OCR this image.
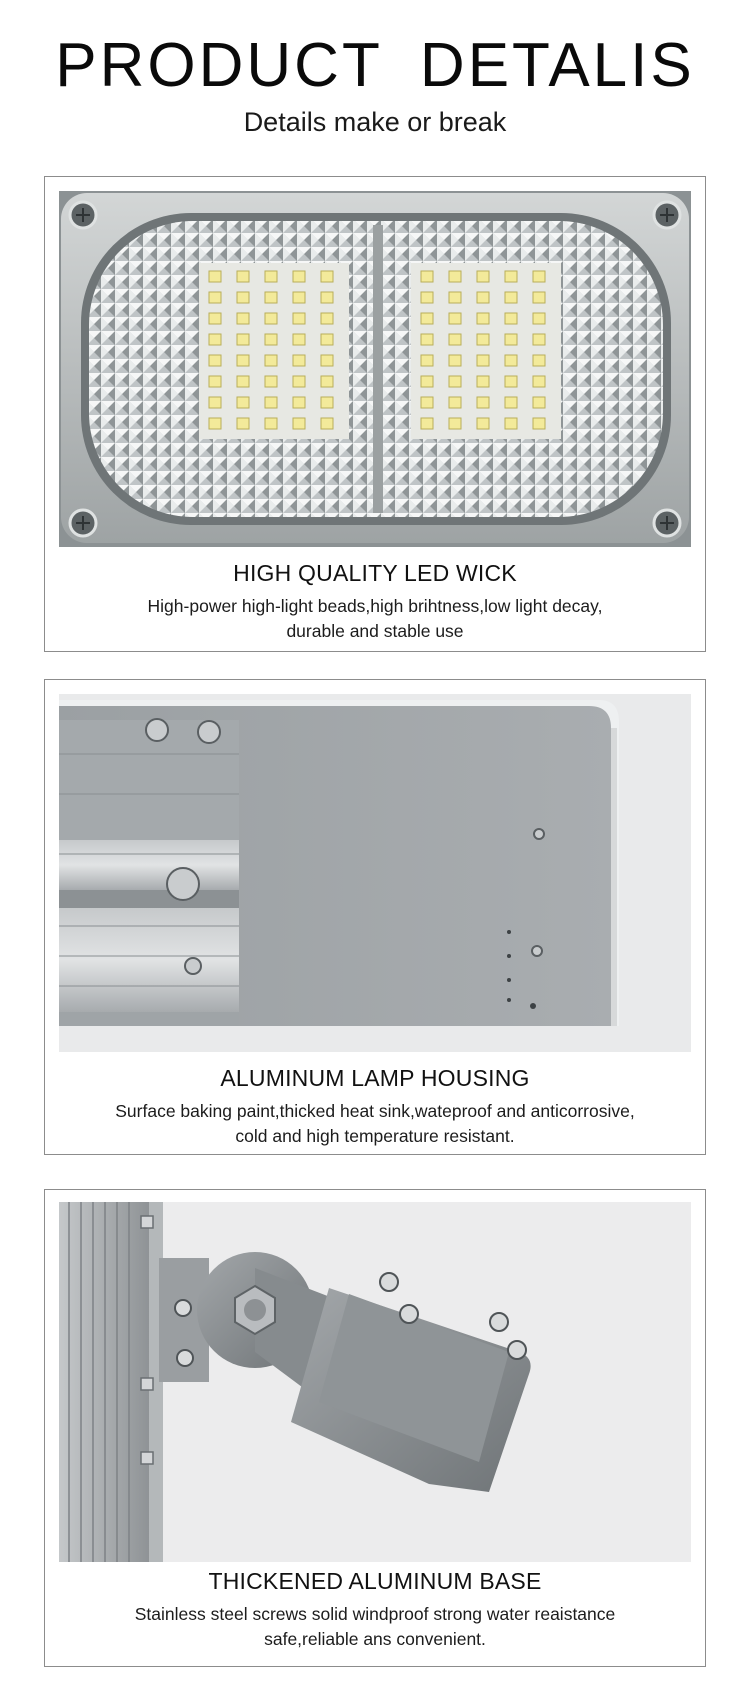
PRODUCT DETALIS
Details make or break
HIGH QUALITY LED WICK
High-power high-light beads,high brihtness,low light decay,
durable and stable use
ALUMINUM LAMP HOUSING
Surface baking paint,thicked heat sink,wateproof and anticorrosive,
cold and high temperature resistant.
THICKENED ALUMINUM BASE
Stainless steel screws solid windproof strong water reaistance
safe,reliable ans convenient.
